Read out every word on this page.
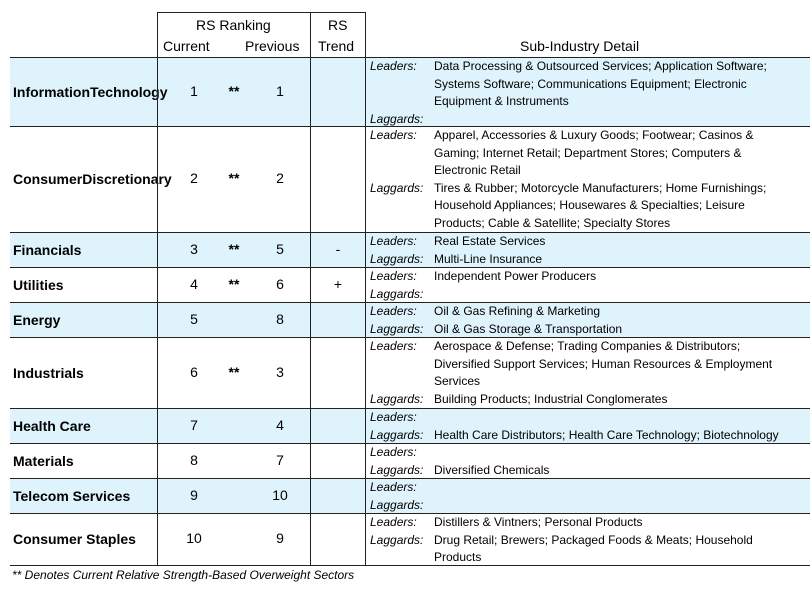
RS Ranking
Current	Previous
RS
Trend	Sub-Industry Detail
Information Technology	1	**	1
Leaders: Data Processing & Outsourced Services; Application Software;
Systems Software; Communications Equipment; Electronic
Equipment & Instruments
Laggards:
Consumer Discretionary	2	**	2
Leaders: Apparel, Accessories & Luxury Goods; Footwear; Casinos &
Gaming; Internet Retail; Department Stores; Computers &
Electronic Retail
Laggards: Tires & Rubber; Motorcycle Manufacturers; Home Furnishings;
Household Appliances; Housewares & Specialties; Leisure
Products; Cable & Satellite; Specialty Stores
Financials	3	**	5	-	Leaders: Real Estate Services
Laggards: Multi-Line Insurance
Utilities	4	**	6	+	Leaders: Independent Power Producers
Laggards:
Energy	5	8	Leaders: Oil & Gas Refining & Marketing
Laggards: Oil & Gas Storage & Transportation
Industrials	6	**	3
Leaders: Aerospace & Defense; Trading Companies & Distributors;
Diversified Support Services; Human Resources & Employment
Services
Laggards: Building Products; Industrial Conglomerates
Health Care	7	4	Leaders:
Laggards: Health Care Distributors; Health Care Technology; Biotechnology
Materials	8	7	Leaders:
Laggards: Diversified Chemicals
Telecom Services	9	10	Leaders:
Laggards:
Consumer Staples	10	9
Leaders: Distillers & Vintners; Personal Products
Laggards: Drug Retail; Brewers; Packaged Foods & Meats; Household
Products
** Denotes Current Relative Strength-Based Overweight Sectors
